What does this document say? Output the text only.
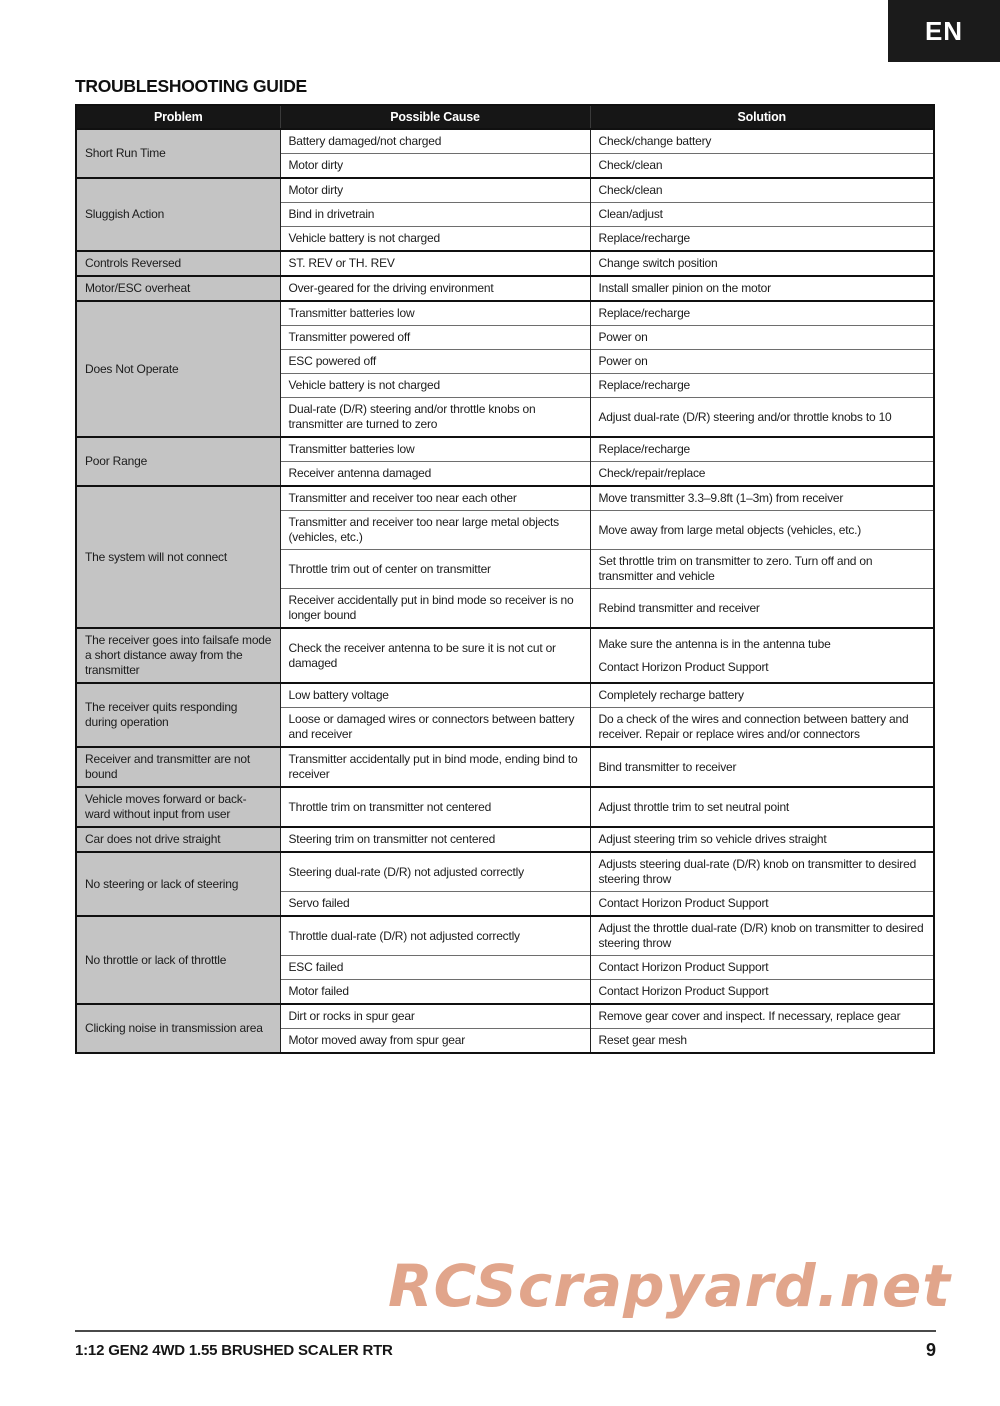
EN
TROUBLESHOOTING GUIDE
Problem	Possible Cause	Solution
Short Run Time	Battery damaged/not charged	Check/change battery
	Motor dirty	Check/clean
Sluggish Action	Motor dirty	Check/clean
	Bind in drivetrain	Clean/adjust
	Vehicle battery is not charged	Replace/recharge
Controls Reversed	ST. REV or TH. REV	Change switch position
Motor/ESC overheat	Over-geared for the driving environment	Install smaller pinion on the motor
Does Not Operate	Transmitter batteries low	Replace/recharge
	Transmitter powered off	Power on
	ESC powered off	Power on
	Vehicle battery is not charged	Replace/recharge
	Dual-rate (D/R) steering and/or throttle knobs on transmitter are turned to zero	Adjust dual-rate (D/R) steering and/or throttle knobs to 10
Poor Range	Transmitter batteries low	Replace/recharge
	Receiver antenna damaged	Check/repair/replace
The system will not connect	Transmitter and receiver too near each other	Move transmitter 3.3–9.8ft (1–3m) from receiver
	Transmitter and receiver too near large metal objects (vehicles, etc.)	Move away from large metal objects (vehicles, etc.)
	Throttle trim out of center on transmitter	Set throttle trim on transmitter to zero. Turn off and on transmitter and vehicle
	Receiver accidentally put in bind mode so receiver is no longer bound	Rebind transmitter and receiver
The receiver goes into failsafe mode a short distance away from the transmitter	Check the receiver antenna to be sure it is not cut or damaged	Make sure the antenna is in the antenna tube
Contact Horizon Product Support

The receiver quits responding during operation	Low battery voltage	Completely recharge battery
	Loose or damaged wires or connectors between battery and receiver	Do a check of the wires and connection between battery and receiver. Repair or replace wires and/or connectors
Receiver and transmitter are not bound	Transmitter accidentally put in bind mode, ending bind to receiver	Bind transmitter to receiver
Vehicle moves forward or back-ward without input from user	Throttle trim on transmitter not centered	Adjust throttle trim to set neutral point
Car does not drive straight	Steering trim on transmitter not centered	Adjust steering trim so vehicle drives straight
No steering or lack of steering	Steering dual-rate (D/R) not adjusted correctly	Adjusts steering dual-rate (D/R) knob on transmitter to desired steering throw
	Servo failed	Contact Horizon Product Support
No throttle or lack of throttle	Throttle dual-rate (D/R) not adjusted correctly	Adjust the throttle dual-rate (D/R) knob on transmitter to desired steering throw
	ESC failed	Contact Horizon Product Support
	Motor failed	Contact Horizon Product Support
Clicking noise in transmission area	Dirt or rocks in spur gear	Remove gear cover and inspect. If necessary, replace gear
	Motor moved away from spur gear	Reset gear mesh
RCScrapyard.net
1:12 GEN2 4WD 1.55 BRUSHED SCALER RTR	9
